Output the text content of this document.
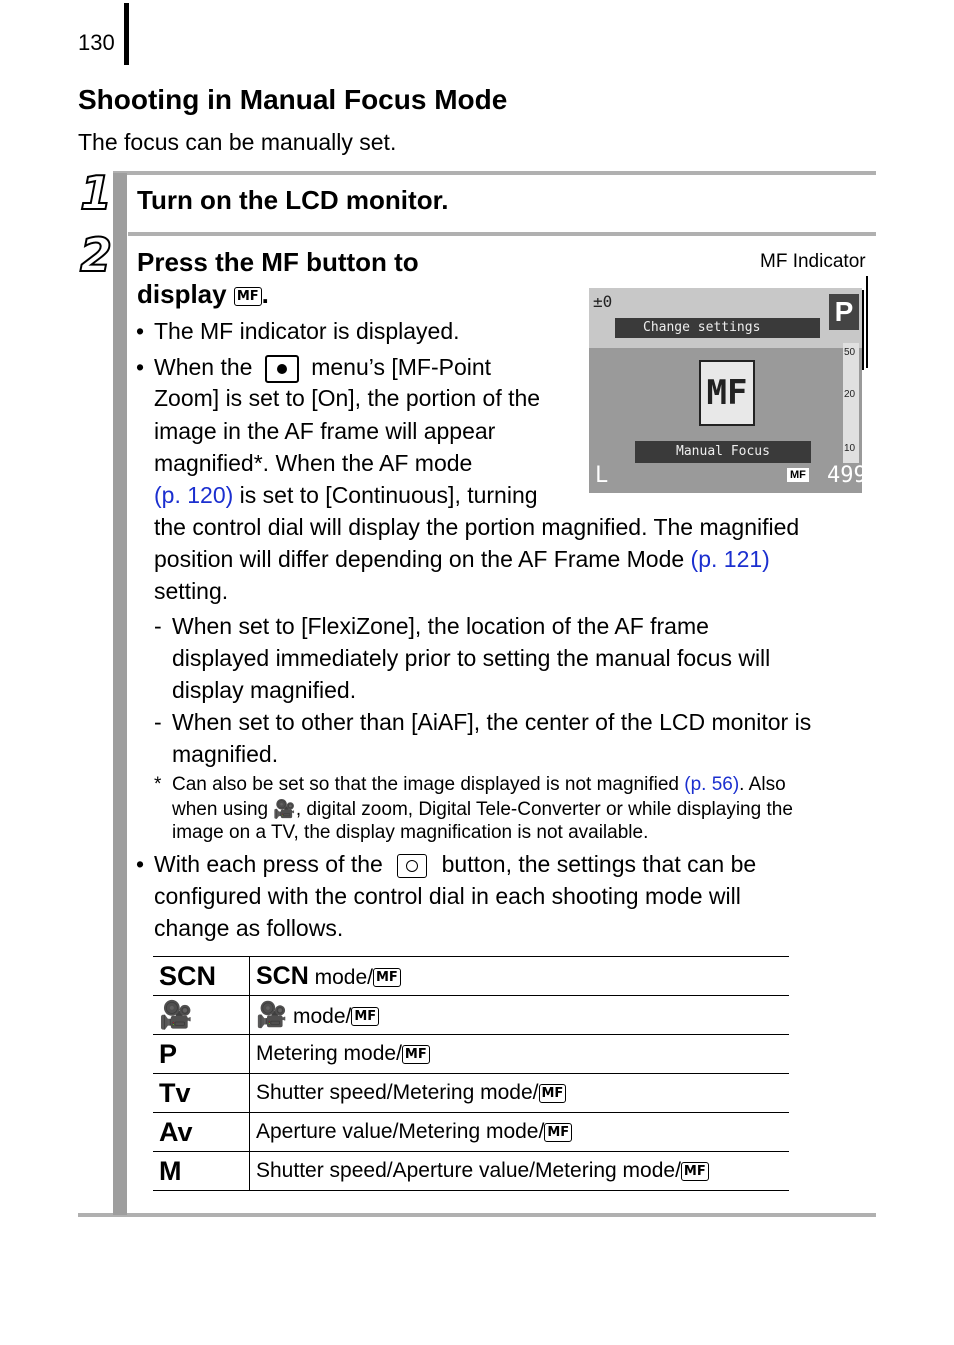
130
Shooting in Manual Focus Mode
The focus can be manually set.
1 Turn on the LCD monitor.
2 Press the MF button to
display MF .
• The MF indicator is displayed.
• When the	menu’s [MF-Point
Zoom] is set to [On], the portion of the
image in the AF frame will appear
magnified*. When the AF mode
(p. 120) is set to [Continuous], turning
the control dial will display the portion magnified. The magnified
position will differ depending on the AF Frame Mode (p. 121)
setting.
- When set to [FlexiZone], the location of the AF frame
displayed immediately prior to setting the manual focus will
display magnified.
- When set to other than [AiAF], the center of the LCD monitor is
magnified.
* Can also be set so that the image displayed is not magnified (p. 56). Also
when using 🎥, digital zoom, Digital Tele-Converter or while displaying the
image on a TV, the display magnification is not available.
• With each press of the	button, the settings that can be
configured with the control dial in each shooting mode will
change as follows.
SCN	SCN mode/ MF
🎥	🎥 mode/ MF
P	Metering mode/ MF
Tv	Shutter speed/Metering mode/ MF
Av	Aperture value/Metering mode/ MF
M	Shutter speed/Aperture value/Metering mode/ MF
MF Indicator
±0
Change settings
P
50
20
10
MF
Manual Focus
L	MF 499
